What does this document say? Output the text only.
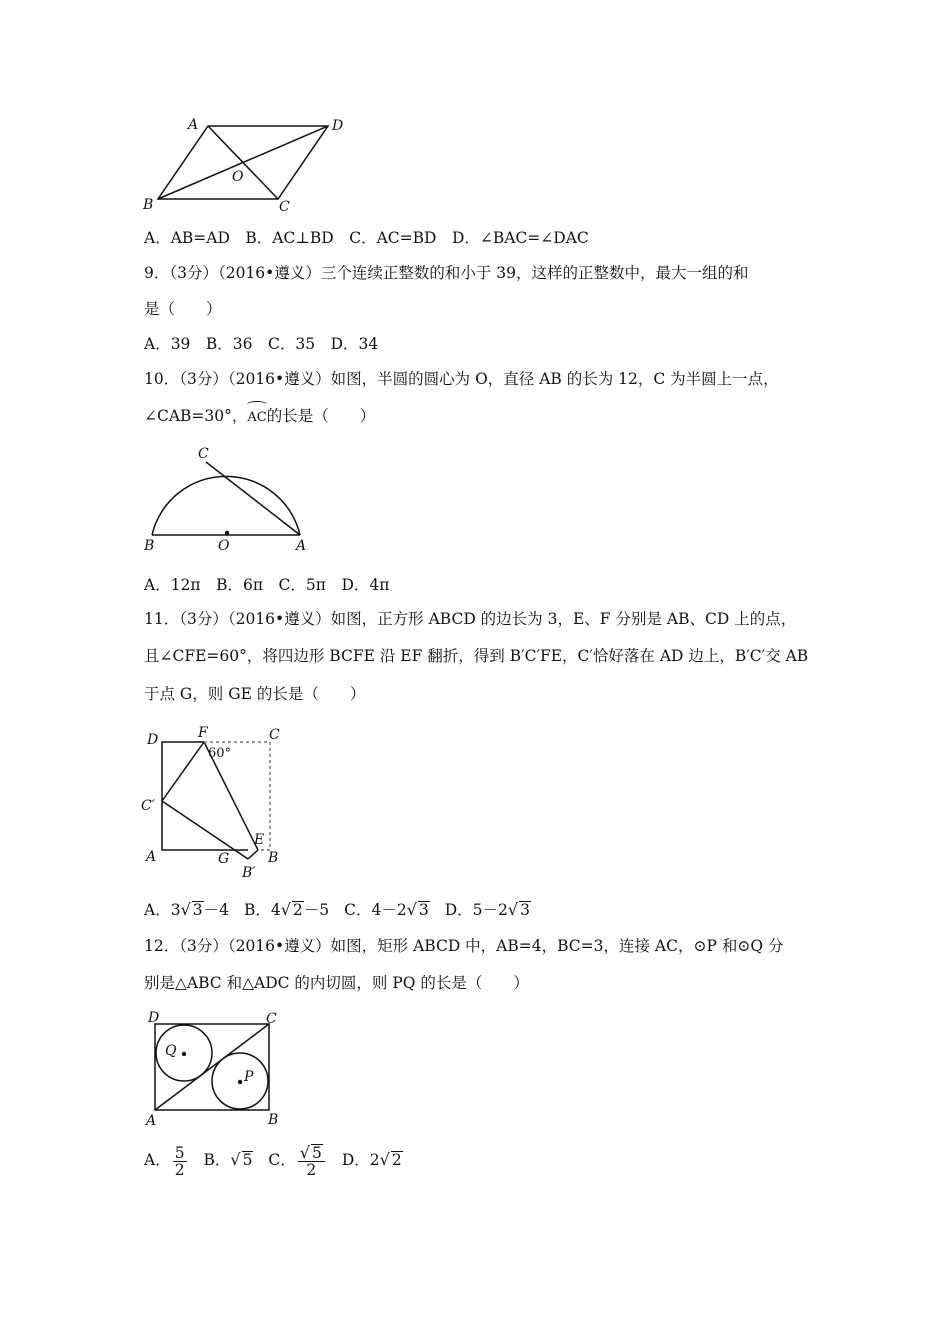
A	D
O
B	C
A．AB=AD　B．AC⊥BD　C．AC=BD　D．∠BAC=∠DAC
9．（3分）（2016•遵义）三个连续正整数的和小于 39，这样的正整数中，最大一组的和
是（　　）
A．39　B．36　C．35　D．34
10．（3分）（2016•遵义）如图，半圆的圆心为 O，直径 AB 的长为 12，C 为半圆上一点，
∠CAB=30°，
AC的长是（　　）
C
B	O	A
A．12π　B．6π　C．5π　D．4π
11．（3分）（2016•遵义）如图，正方形 ABCD 的边长为 3，E、F 分别是 AB、CD 上的点，
且∠CFE=60°，将四边形 BCFE 沿 EF 翻折，得到 B′C′FE，C′恰好落在 AD 边上，B′C′交 AB
于点 G，则 GE 的长是（　　）
D	F
60°
C
C′
E
A	G	B
B′
A．3√ 3－4 B．4√ 2－5 C．4－2√ 3 D．5－2√ 3
12．（3分）（2016•遵义）如图，矩形 ABCD 中，AB=4，BC=3，连接 AC，⊙P 和⊙Q 分
别是△ABC 和△ADC 的内切圆，则 PQ 的长是（　　）
D	C
Q
P
A	B
A． $\frac{5}{2}$ B．√ 5 C． $\frac{√ 5}{2}$ D．2√ 2
